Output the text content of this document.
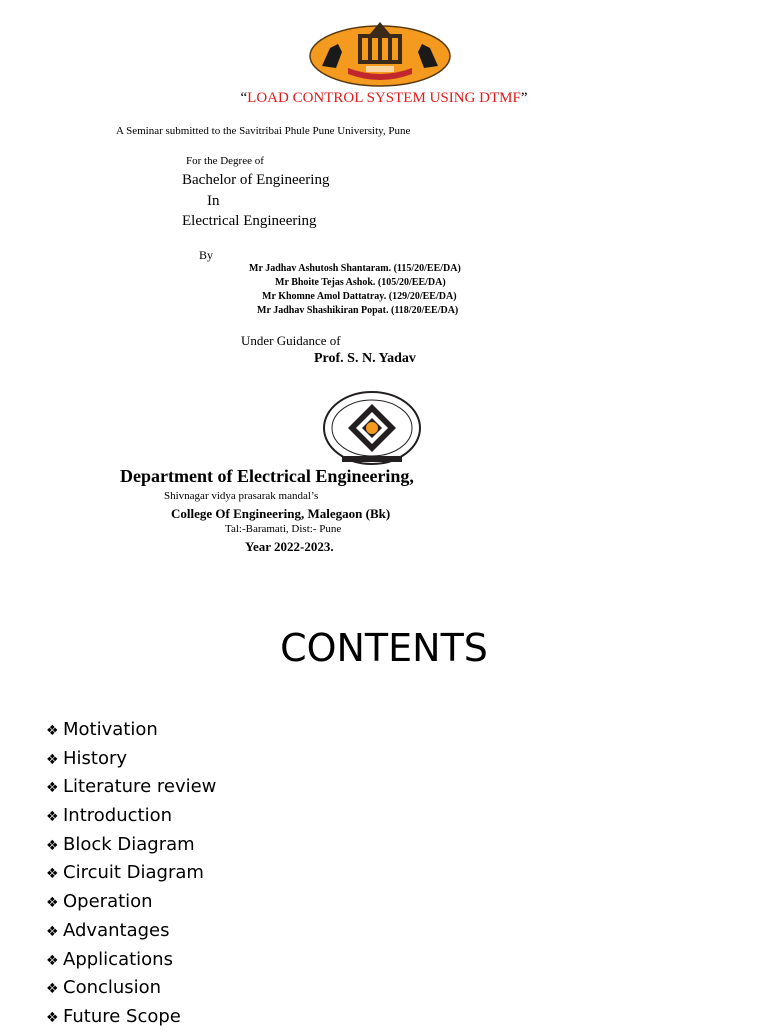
“LOAD CONTROL SYSTEM USING DTMF”
A Seminar submitted to the Savitribai Phule Pune University, Pune
For the Degree of
Bachelor of Engineering
In
Electrical Engineering
By
Mr Jadhav Ashutosh Shantaram. (115/20/EE/DA)
Mr Bhoite Tejas Ashok. (105/20/EE/DA)
Mr Khomne Amol Dattatray. (129/20/EE/DA)
Mr Jadhav Shashikiran Popat. (118/20/EE/DA)
Under Guidance of
Prof. S. N. Yadav
Department of Electrical Engineering,
Shivnagar vidya prasarak mandal’s
College Of Engineering, Malegaon (Bk)
Tal:-Baramati, Dist:- Pune
Year 2022-2023.
CONTENTS
❖ Motivation
❖ History
❖ Literature review
❖ Introduction
❖ Block Diagram
❖ Circuit Diagram
❖ Operation
❖ Advantages
❖ Applications
❖ Conclusion
❖ Future Scope
